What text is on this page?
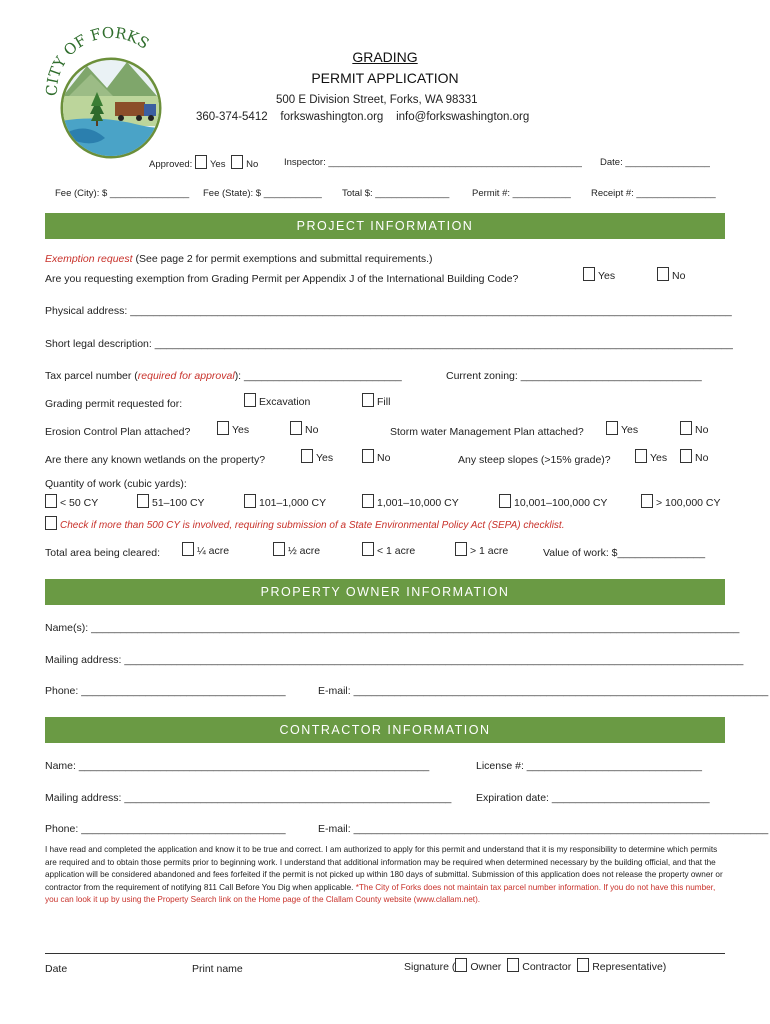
CITY OF FORKS
GRADING
PERMIT APPLICATION
500 E Division Street, Forks, WA 98331
360-374-5412 forkswashington.org info@forkswashington.org
Approved: Yes No	Inspector: ________________________________________________ Date: ________________
Fee (City): $ _______________ Fee (State): $ ___________ Total $: ______________ Permit #: ___________ Receipt #: _______________
PROJECT INFORMATION
Exemption request (See page 2 for permit exemptions and submittal requirements.)
Are you requesting exemption from Grading Permit per Appendix J of the International Building Code?	Yes	No
Physical address: _______________________________________________________________________________________________________
Short legal description: ___________________________________________________________________________________________________
Tax parcel number (required for approval): ___________________________	Current zoning: _______________________________
Grading permit requested for:	Excavation	Fill
Erosion Control Plan attached?	Yes	No	Storm water Management Plan attached?	Yes	No
Are there any known wetlands on the property?	Yes	No	Any steep slopes (>15% grade)?	Yes	No
Quantity of work (cubic yards):
< 50 CY	51–100 CY	101–1,000 CY	1,001–10,000 CY	10,001–100,000 CY	> 100,000 CY
Check if more than 500 CY is involved, requiring submission of a State Environmental Policy Act (SEPA) checklist.
Total area being cleared:	¼ acre	½ acre	< 1 acre	> 1 acre	Value of work: $_______________
PROPERTY OWNER INFORMATION
Name(s): _______________________________________________________________________________________________________________
Mailing address: __________________________________________________________________________________________________________
Phone: ___________________________________	E-mail: _______________________________________________________________________
CONTRACTOR INFORMATION
Name: ____________________________________________________________	License #: ______________________________
Mailing address: ________________________________________________________ Expiration date: ___________________________
Phone: ___________________________________	E-mail: _______________________________________________________________________
I have read and completed the application and know it to be true and correct. I am authorized to apply for this permit and understand that it is my responsibility to determine which permits are required and to obtain those permits prior to beginning work. I understand that additional information may be required when determined necessary by the building official, and that the application will be considered abandoned and fees forfeited if the permit is not picked up within 180 days of submittal. Submission of this application does not release the property owner or contractor from the requirement of notifying 811 Call Before You Dig when applicable. *The City of Forks does not maintain tax parcel number information. If you do not have this number, you can look it up by using the Property Search link on the Home page of the Clallam County website (www.clallam.net).
Date	Print name	Signature ( Owner Contractor Representative)
